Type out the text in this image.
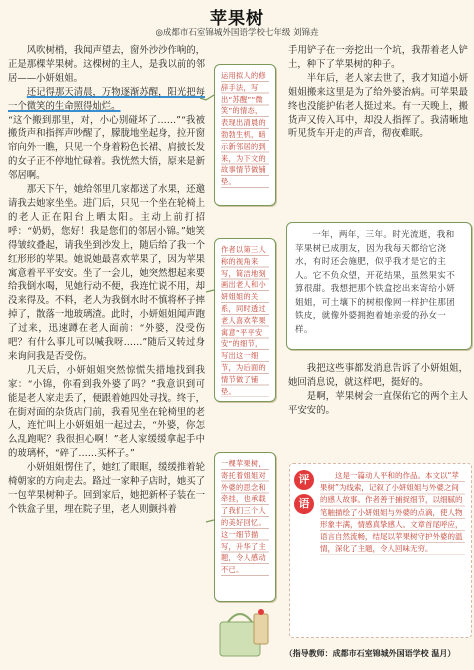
苹果树
◎成都市石室锦城外国语学校七年级 刘锦垚

风吹树梢，我闻声望去，窗外沙沙作响的，正是那棵苹果树。这棵树的主人，是我以前的邻居——小妍姐姐。

还记得那天清晨，万物逐渐苏醒，阳光把每一个微笑的生命照得灿烂。

“这个搬到那里，对，小心别碰坏了……”“我被搬货声和指挥声吵醒了，朦胧地坐起身，拉开窗帘向外一瞧，只见一个身着粉色长裙、肩披长发的女子正不停地忙碌着。我恍然大悟，原来是新邻居啊。

那天下午，她给邻里几家都送了水果，还邀请我去她家坐坐。进门后，只见一个坐在轮椅上的老人正在阳台上晒太阳。主动上前打招呼：“奶奶，您好！我是您们的邻居小锦。”她笑得皱纹叠起，请我坐到沙发上，随后给了我一个红形形的苹果。她说她最喜欢苹果了，因为苹果寓意着平平安安。坐了一会儿，她突然想起来要给我倒水喝，见她行动不便，我连忙说不用，却没来得及。不料，老人为我倒水时不慎将杯子摔掉了，散落一地玻璃渣。此时，小妍姐姐闻声跑了过来，迅速蹲在老人面前：“外婆，没受伤吧？有什么事儿可以喊我呀……”随后又转过身来询问我是否受伤。

几天后，小妍姐姐突然惊慌失措地找到我家：“小锦，你看到我外婆了吗？”我意识到可能是老人家走丢了，便跟着她四处寻找。终于，在街对面的杂货店门前，我看见坐在轮椅里的老人，连忙叫上小妍姐姐一起过去，“外婆，你怎么乱跑呢？我很担心啊！”老人家缓缓拿起手中的玻璃杯，“碎了……买杯子。”

小妍姐姐愣住了，她红了眼眶，缓缓推着轮椅朝家的方向走去。路过一家种子店时，她买了一包苹果树种子。回到家后，她把新杯子装在一个铁盒子里，埋在院子里，老人则颤抖着

运用拟人的修辞手法，写出“苏醒”“微笑”的情态，表现出清晨的勃勃生机，暗示新邻居的到来，为下文的故事情节做铺垫。
作者以第三人称的视角来写，简洁地刻画出老人和小妍姐姐的关系，同时透过老人喜欢苹果寓意“平平安安”的细节，写出这一细节，为后面的情节做了铺垫。
一棵苹果树，寄托着姐姐对外婆的思念和牵挂，也承载了我们三个人的美好回忆。这一细节描写，升华了主题，令人感动不已。

手用铲子在一旁挖出一个坑，我帮着老人铲土，种下了苹果树的种子。

半年后，老人家去世了，我才知道小妍姐姐搬来这里是为了给外婆治病。可苹果最终也没能护佑老人挺过来。有一天晚上，搬货声又传入耳中，却没人指挥了。我清晰地听见货车开走的声音，彻夜难眠。

一年，两年，三年。时光流逝，我和苹果树已成朋友，因为我每天都给它浇水，有时还会施肥，似乎我才是它的主人。它不负众望，开花结果，虽然果实不算很甜。我想把那个铁盒挖出来寄给小妍姐姐，可土壤下的树根像网一样护住那团铁皮，就像外婆拥抱着她亲爱的孙女一样。

我把这些事都发消息告诉了小妍姐姐，她回消息说，就这样吧，挺好的。

是啊，苹果树会一直保佑它的两个主人平安安的。

这是一篇动人平和的作品。本文以“苹果树”为线索，记叙了小妍姐姐与外婆之间的感人故事。作者善于捕捉细节，以细腻的笔触描绘了小妍姐姐与外婆的点滴，使人物形象丰满，情感真挚感人。文章首尾呼应，语言自然流畅，结尾以苹果树守护外婆的温情，深化了主题，令人回味无穷。
评
语
（指导教师：成都市石室锦城外国语学校 温月）
